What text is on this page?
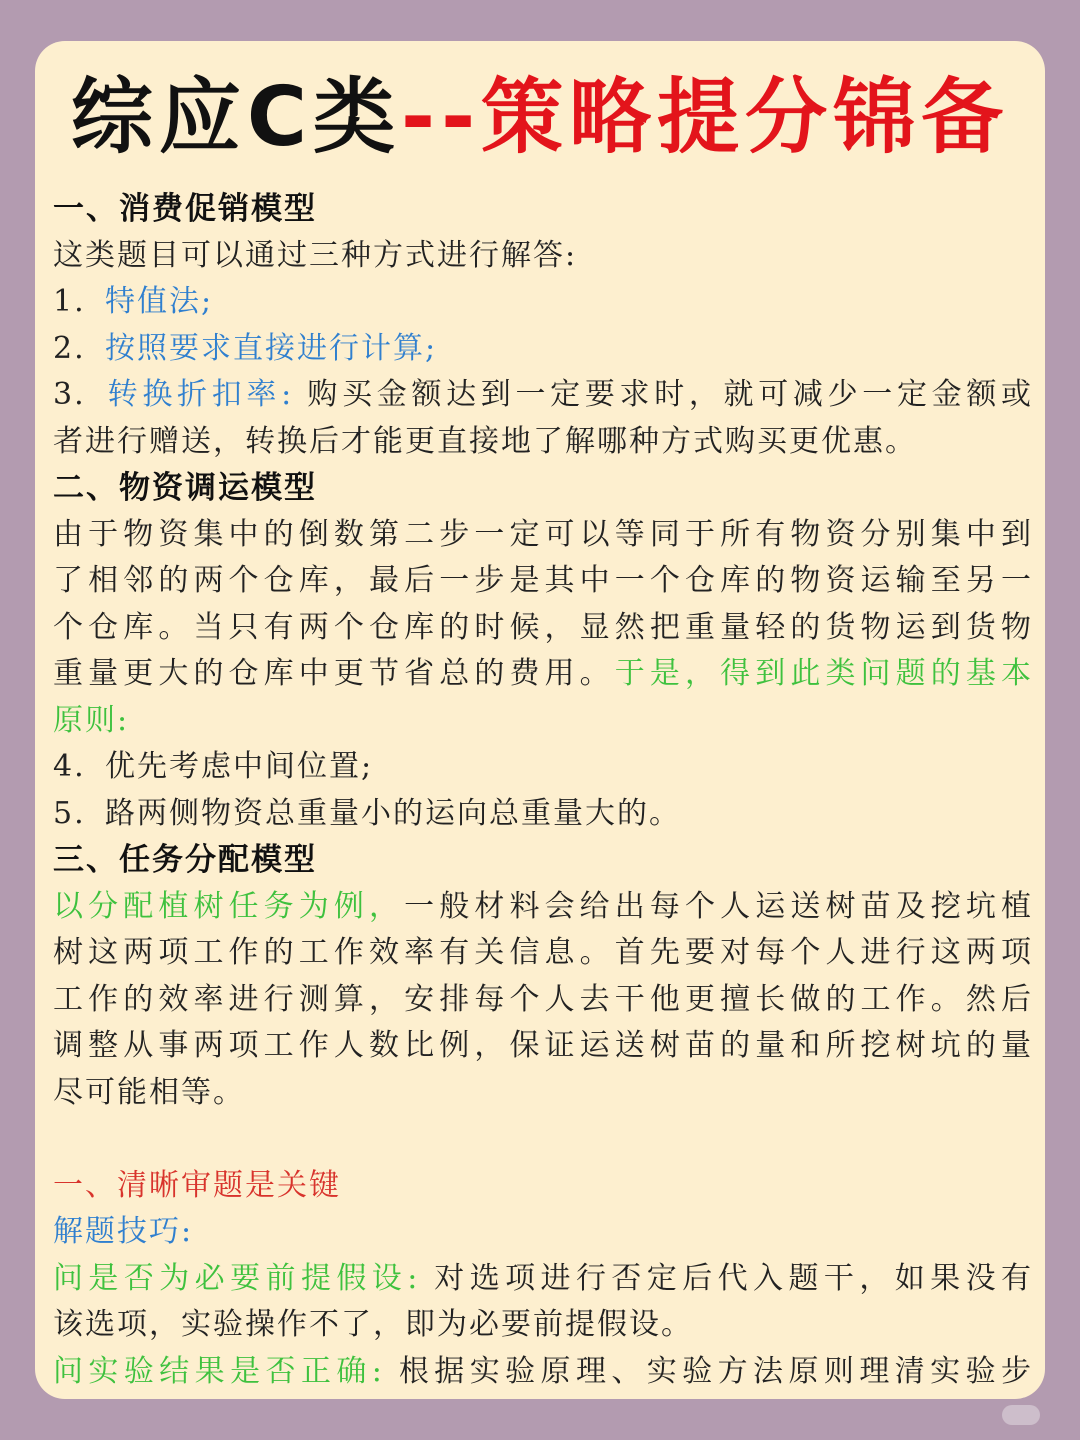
综应C类--策略提分锦备
一、消费促销模型
这类题目可以通过三种方式进行解答:
1. 特值法;
2. 按照要求直接进行计算;
3. 转换折扣率: 购买金额达到一定要求时，就可减少一定金额或
者进行赠送，转换后才能更直接地了解哪种方式购买更优惠。
二、物资调运模型
由于物资集中的倒数第二步一定可以等同于所有物资分别集中到
了相邻的两个仓库，最后一步是其中一个仓库的物资运输至另一
个仓库。当只有两个仓库的时候，显然把重量轻的货物运到货物
重量更大的仓库中更节省总的费用。于是，得到此类问题的基本
原则:
4. 优先考虑中间位置;
5. 路两侧物资总重量小的运向总重量大的。
三、任务分配模型
以分配植树任务为例，一般材料会给出每个人运送树苗及挖坑植
树这两项工作的工作效率有关信息。首先要对每个人进行这两项
工作的效率进行测算，安排每个人去干他更擅长做的工作。然后
调整从事两项工作人数比例，保证运送树苗的量和所挖树坑的量
尽可能相等。
一、清晰审题是关键
解题技巧:
问是否为必要前提假设: 对选项进行否定后代入题干，如果没有
该选项，实验操作不了，即为必要前提假设。
问实验结果是否正确: 根据实验原理、实验方法原则理清实验步
